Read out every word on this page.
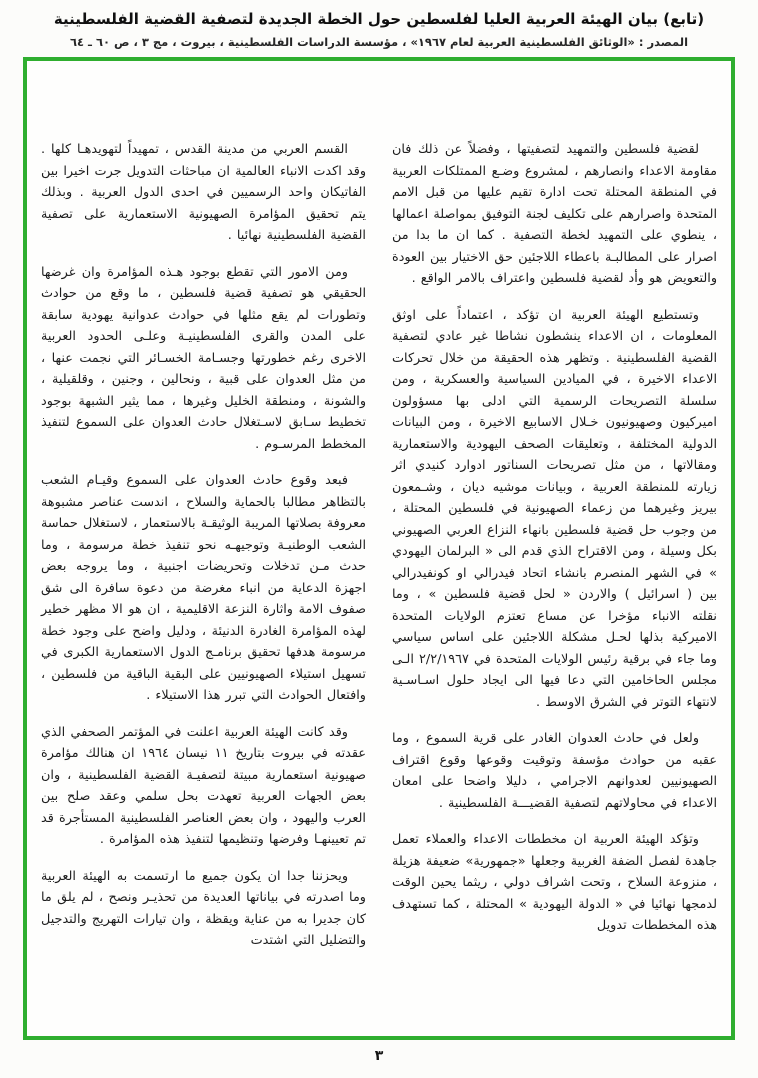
(تابع) بيان الهيئة العربية العليا لفلسطين حول الخطة الجديدة لتصفية القضية الفلسطينية
المصدر : «الوثائق الفلسطينية العربية لعام ١٩٦٧» ، مؤسسة الدراسات الفلسطينية ، بيروت ، مج ٣ ، ص ٦٠ ـ ٦٤

لقضية فلسطين والتمهيد لتصفيتها ، وفضلاً عن ذلك فان مقاومة الاعداء وانصارهم ، لمشروع وضـع الممتلكات العربية في المنطقة المحتلة تحت ادارة تقيم عليها من قبل الامم المتحدة واصرارهم على تكليف لجنة التوفيق بمواصلة اعمالها ، ينطوي على التمهيد لخطة التصفية . كما ان ما بدا من اصرار على المطالبـة باعطاء اللاجئين حق الاختيار بين العودة والتعويض هو وأد لقضية فلسطين واعتراف بالامر الواقع .

وتستطيع الهيئة العربية ان تؤكد ، اعتماداً على اوثق المعلومات ، ان الاعداء ينشطون نشاطا غير عادي لتصفية القضية الفلسطينية . وتظهر هذه الحقيقة من خلال تحركات الاعداء الاخيرة ، في الميادين السياسية والعسكرية ، ومن سلسلة التصريحات الرسمية التي ادلى بها مسؤولون اميركيون وصهيونيون خـلال الاسابيع الاخيرة ، ومن البيانات الدولية المختلفة ، وتعليقات الصحف اليهودية والاستعمارية ومقالاتها ، من مثل تصريحات السناتور ادوارد كنيدي اثر زيارته للمنطقة العربية ، وبيانات موشيه ديان ، وشـمعون بيريز وغيرهما من زعماء الصهيونية في فلسطين المحتلة ، من وجوب حل قضية فلسطين بانهاء النزاع العربي الصهيوني بكل وسيلة ، ومن الاقتراح الذي قدم الى « البرلمان اليهودي » في الشهر المنصرم بانشاء اتحاد فيدرالي او كونفيدرالي بين ( اسرائيل ) والاردن « لحل قضية فلسطين » ، وما نقلته الانباء مؤخرا عن مساع تعتزم الولايات المتحدة الاميركية بذلها لحـل مشكلة اللاجئين على اساس سياسي وما جاء في برقية رئيس الولايات المتحدة في ٢/٢/١٩٦٧ الـى مجلس الحاخامين التي دعا فيها الى ايجاد حلول اسـاسـية لانتهاء التوتر في الشرق الاوسط .

ولعل في حادث العدوان الغادر على قرية السموع ، وما عقبه من حوادث مؤسفة وتوقيت وقوعها وقوع اقتراف الصهيونيين لعدوانهم الاجرامي ، دليلا واضحا على امعان الاعداء في محاولاتهم لتصفية القضيـــة الفلسطينية .

وتؤكد الهيئة العربية ان مخططات الاعداء والعملاء تعمل جاهدة لفصل الضفة الغربية وجعلها «جمهورية» ضعيفة هزيلة ، منزوعة السلاح ، وتحت اشراف دولي ، ريثما يحين الوقت لدمجها نهائيا في « الدولة اليهودية » المحتلة ، كما تستهدف هذه المخططات تدويل

القسم العربي من مدينة القدس ، تمهيداً لتهويدهـا كلها . وقد اكدت الانباء العالمية ان مباحثات التدويل جرت اخيرا بين الفاتيكان واحد الرسميين في احدى الدول العربية . وبذلك يتم تحقيق المؤامرة الصهيونية الاستعمارية على تصفية القضية الفلسطينية نهائيا .

ومن الامور التي تقطع بوجود هـذه المؤامرة وان غرضها الحقيقي هو تصفية قضية فلسطين ، ما وقع من حوادث وتطورات لم يقع مثلها في حوادث عدوانية يهودية سابقة على المدن والقرى الفلسطينيـة وعلـى الحدود العربية الاخرى رغم خطورتها وجسـامة الخسـائر التي نجمت عنها ، من مثل العدوان على قبية ، ونحالين ، وجنين ، وقلقيلية ، والشونة ، ومنطقة الخليل وغيرها ، مما يثير الشبهة بوجود تخطيط سـابق لاسـتغلال حادث العدوان على السموع لتنفيذ المخطط المرسـوم .

فبعد وقوع حادث العدوان على السموع وقيـام الشعب بالتظاهر مطالبا بالحماية والسلاح ، اندست عناصر مشبوهة معروفة بصلاتها المريبة الوثيقـة بالاستعمار ، لاستغلال حماسة الشعب الوطنيـة وتوجيهـه نحو تنفيذ خطة مرسومة ، وما حدث مـن تدخلات وتحريضات اجنبية ، وما يروجه بعض اجهزة الدعاية من انباء مغرضة من دعوة سافرة الى شق صفوف الامة واثارة النزعة الاقليمية ، ان هو الا مظهر خطير لهذه المؤامرة الغادرة الدنيئة ، ودليل واضح على وجود خطة مرسومة هدفها تحقيق برنامـج الدول الاستعمارية الكبرى في تسهيل استيلاء الصهيونيين على البقية الباقية من فلسطين ، وافتعال الحوادث التي تبرر هذا الاستيلاء .

وقد كانت الهيئة العربية اعلنت في المؤتمر الصحفي الذي عقدته في بيروت بتاريخ ١١ نيسان ١٩٦٤ ان هنالك مؤامرة صهيونية استعمارية مبيتة لتصفيـة القضية الفلسطينية ، وان بعض الجهات العربية تعهدت بحل سلمي وعقد صلح بين العرب واليهود ، وان بعض العناصر الفلسطينية المستأجرة قد تم تعيينهـا وفرضها وتنظيمها لتنفيذ هذه المؤامرة .

ويحزننا جدا ان يكون جميع ما ارتسمت به الهيئة العربية وما اصدرته في بياناتها العديدة من تحذيـر ونصح ، لم يلق ما كان جديرا به من عناية ويقظة ، وان تيارات التهريج والتدجيل والتضليل التي اشتدت

٣
